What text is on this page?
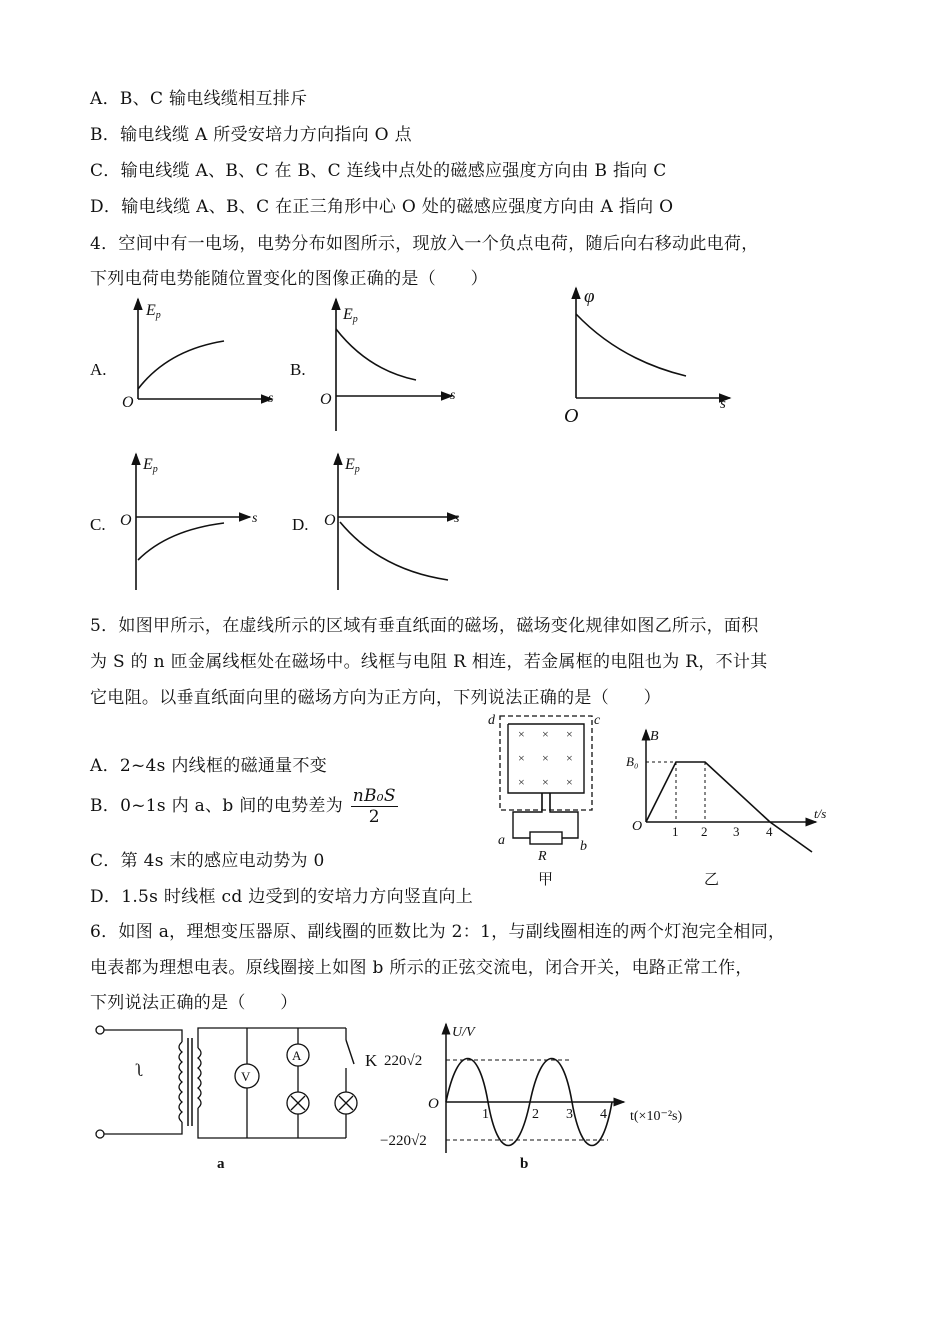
A．B、C 输电线缆相互排斥
B．输电线缆 A 所受安培力方向指向 O 点
C．输电线缆 A、B、C 在 B、C 连线中点处的磁感应强度方向由 B 指向 C
D．输电线缆 A、B、C 在正三角形中心 O 处的磁感应强度方向由 A 指向 O
4．空间中有一电场，电势分布如图所示，现放入一个负点电荷，随后向右移动此电荷，
下列电荷电势能随位置变化的图像正确的是（　　）
A.
Ep
O	s
B.
Ep
O	s
φ
O
s
C.
Ep
O	s D.
Ep
O	s
5．如图甲所示，在虚线所示的区域有垂直纸面的磁场，磁场变化规律如图乙所示，面积
为 S 的 n 匝金属线框处在磁场中。线框与电阻 R 相连，若金属框的电阻也为 R，不计其
它电阻。以垂直纸面向里的磁场方向为正方向，下列说法正确的是（　　）
A．2~4s 内线框的磁通量不变
B．0~1s 内 a、b 间的电势差为 $\frac{\text{nB₀S}}{2}$
C．第 4s 末的感应电动势为 0
D．1.5s 时线框 cd 边受到的安培力方向竖直向上
× × ×
× × ×
× × ×
d	c
a	b
R
甲
B
B₀
O
t/s
1 2 3 4
乙
6．如图 a，理想变压器原、副线圈的匝数比为 2：1，与副线圈相连的两个灯泡完全相同，
电表都为理想电表。原线圈接上如图 b 所示的正弦交流电，闭合开关，电路正常工作，
下列说法正确的是（　　）
V
A
ʅ	K
a
U/V
220√2
−220√2
O
t(×10⁻²s)
1	2 3 4
b
